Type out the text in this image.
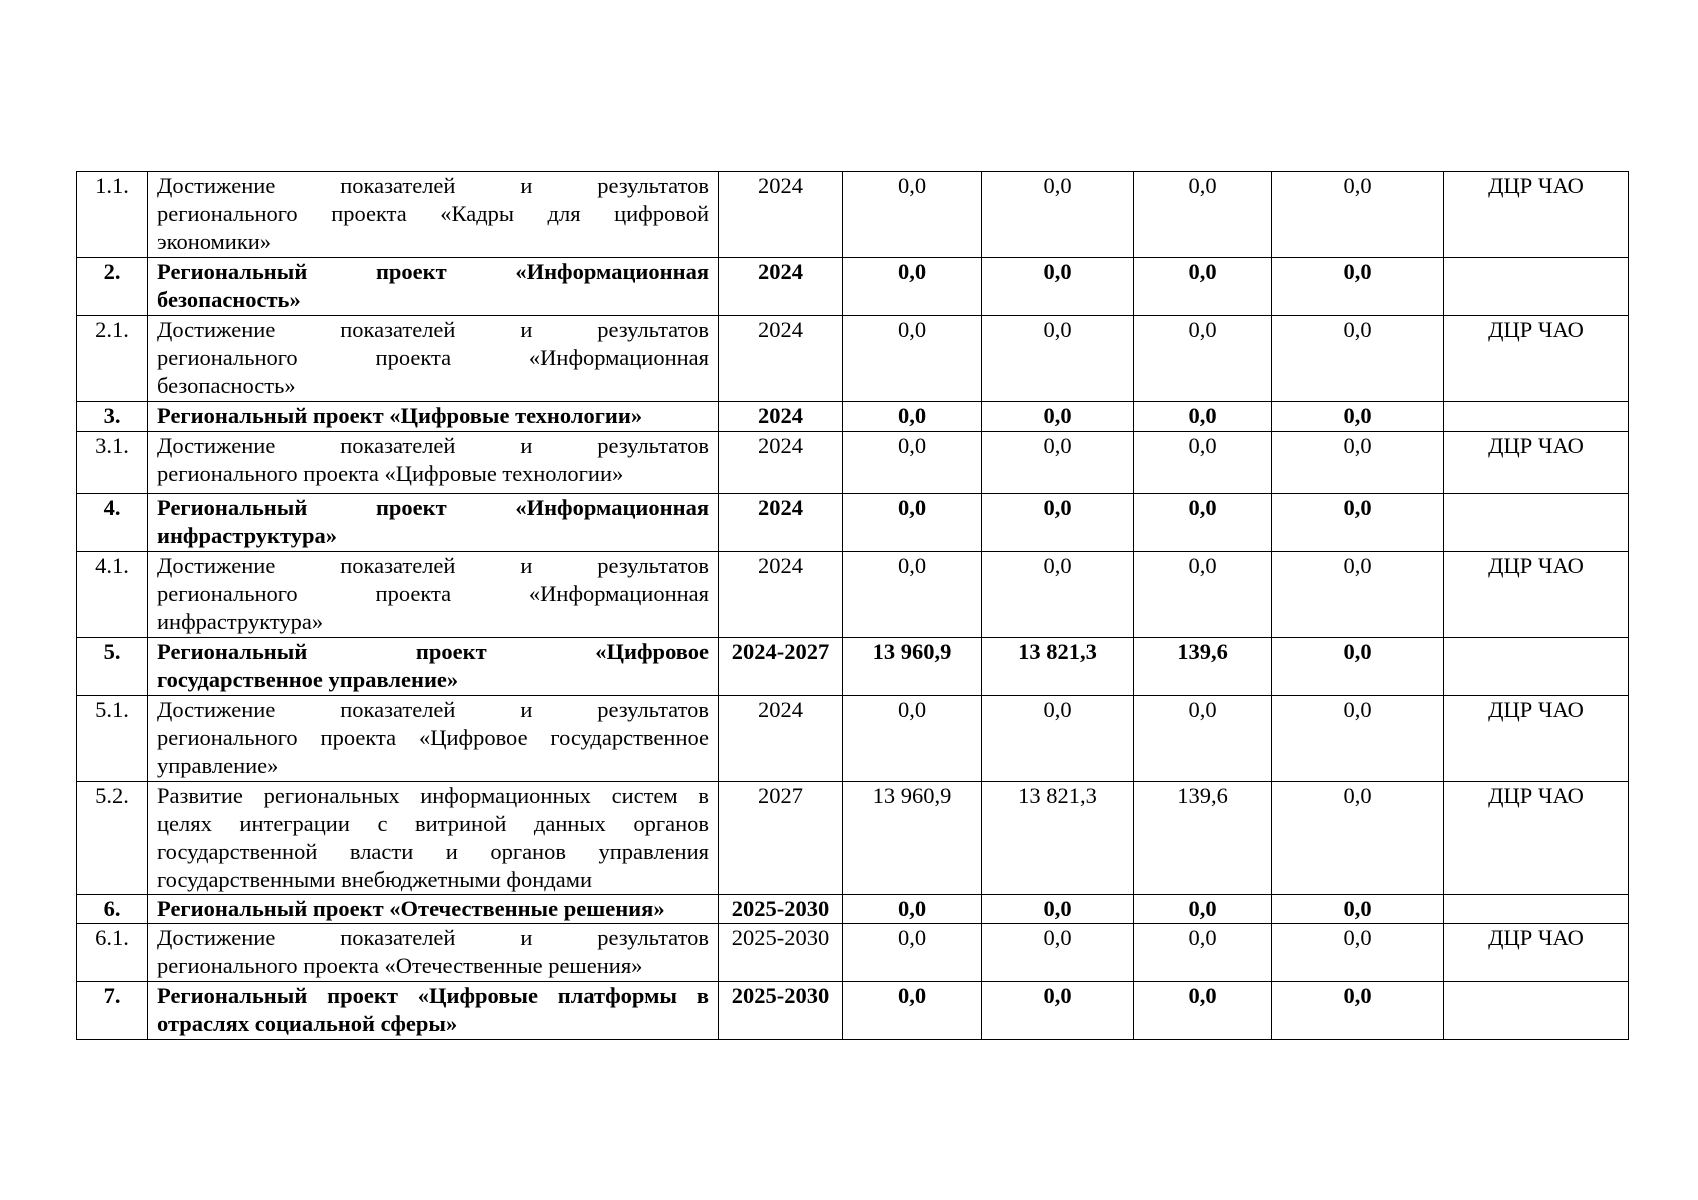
1.1.	Достижение показателей и результатов
регионального проекта «Кадры для цифровой
экономики»	2024	0,0	0,0	0,0	0,0	ДЦР ЧАО
2.	Региональный проект «Информационная
безопасность»	2024	0,0	0,0	0,0	0,0	
2.1.	Достижение показателей и результатов
регионального проекта «Информационная
безопасность»	2024	0,0	0,0	0,0	0,0	ДЦР ЧАО
3.	Региональный проект «Цифровые технологии»	2024	0,0	0,0	0,0	0,0	
3.1.	Достижение показателей и результатов
регионального проекта «Цифровые технологии»	2024	0,0	0,0	0,0	0,0	ДЦР ЧАО
4.	Региональный проект «Информационная
инфраструктура»	2024	0,0	0,0	0,0	0,0	
4.1.	Достижение показателей и результатов
регионального проекта «Информационная
инфраструктура»	2024	0,0	0,0	0,0	0,0	ДЦР ЧАО
5.	Региональный проект «Цифровое
государственное управление»	2024-2027	13 960,9	13 821,3	139,6	0,0	
5.1.	Достижение показателей и результатов
регионального проекта «Цифровое государственное
управление»	2024	0,0	0,0	0,0	0,0	ДЦР ЧАО
5.2.	Развитие региональных информационных систем в
целях интеграции с витриной данных органов
государственной власти и органов управления
государственными внебюджетными фондами	2027	13 960,9	13 821,3	139,6	0,0	ДЦР ЧАО
6.	Региональный проект «Отечественные решения»	2025-2030	0,0	0,0	0,0	0,0	
6.1.	Достижение показателей и результатов
регионального проекта «Отечественные решения»	2025-2030	0,0	0,0	0,0	0,0	ДЦР ЧАО
7.	Региональный проект «Цифровые платформы в
отраслях социальной сферы»	2025-2030	0,0	0,0	0,0	0,0	
